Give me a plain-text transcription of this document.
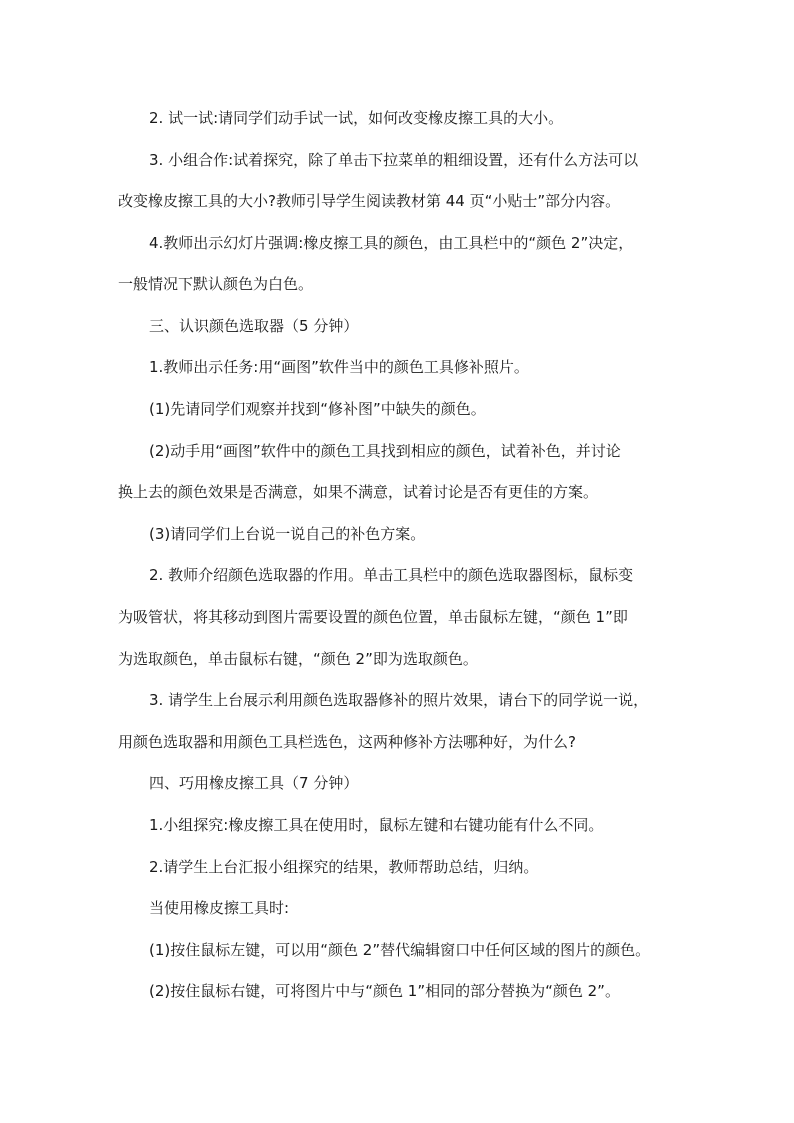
2. 试一试:请同学们动手试一试，如何改变橡皮擦工具的大小。
3. 小组合作:试着探究，除了单击下拉菜单的粗细设置，还有什么方法可以
改变橡皮擦工具的大小?教师引导学生阅读教材第 44 页“小贴士”部分内容。
4.教师出示幻灯片强调:橡皮擦工具的颜色，由工具栏中的“颜色 2”决定，
一般情况下默认颜色为白色。
三、认识颜色选取器（5 分钟）
1.教师出示任务:用“画图”软件当中的颜色工具修补照片。
(1)先请同学们观察并找到“修补图”中缺失的颜色。
(2)动手用“画图”软件中的颜色工具找到相应的颜色，试着补色，并讨论
换上去的颜色效果是否满意，如果不满意，试着讨论是否有更佳的方案。
(3)请同学们上台说一说自己的补色方案。
2. 教师介绍颜色选取器的作用。单击工具栏中的颜色选取器图标，鼠标变
为吸管状，将其移动到图片需要设置的颜色位置，单击鼠标左键，“颜色 1”即
为选取颜色，单击鼠标右键，“颜色 2”即为选取颜色。
3. 请学生上台展示利用颜色选取器修补的照片效果，请台下的同学说一说，
用颜色选取器和用颜色工具栏选色，这两种修补方法哪种好，为什么?
四、巧用橡皮擦工具（7 分钟）
1.小组探究:橡皮擦工具在使用时，鼠标左键和右键功能有什么不同。
2.请学生上台汇报小组探究的结果，教师帮助总结，归纳。
当使用橡皮擦工具时:
(1)按住鼠标左键，可以用“颜色 2”替代编辑窗口中任何区域的图片的颜色。
(2)按住鼠标右键，可将图片中与“颜色 1”相同的部分替换为“颜色 2”。
